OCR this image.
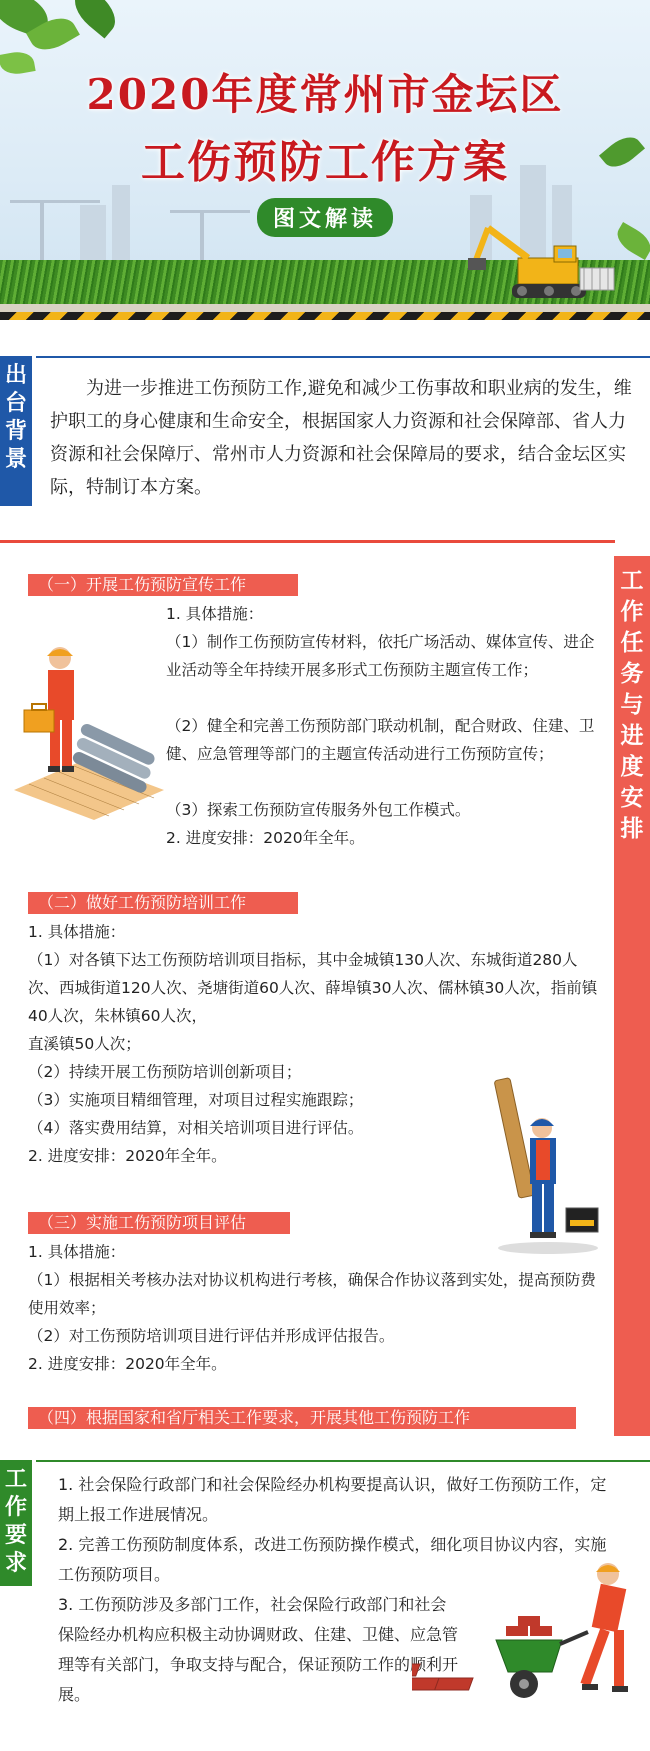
2020年度常州市金坛区
工伤预防工作方案
图文解读
出
台
背
景
为进一步推进工伤预防工作,避免和减少工伤事故和职业病的发生，维护职工的身心健康和生命安全，根据国家人力资源和社会保障部、省人力资源和社会保障厅、常州市人力资源和社会保障局的要求，结合金坛区实际，特制订本方案。
工
作
任
务
与
进
度
安
排
（一）开展工伤预防宣传工作
1. 具体措施：
（1）制作工伤预防宣传材料，依托广场活动、媒体宣传、进企业活动等全年持续开展多形式工伤预防主题宣传工作；
（2）健全和完善工伤预防部门联动机制，配合财政、住建、卫健、应急管理等部门的主题宣传活动进行工伤预防宣传；
（3）探索工伤预防宣传服务外包工作模式。
2. 进度安排：2020年全年。
（二）做好工伤预防培训工作
1. 具体措施：
（1）对各镇下达工伤预防培训项目指标，其中金城镇130人次、东城街道280人次、西城街道120人次、尧塘街道60人次、薛埠镇30人次、儒林镇30人次，指前镇40人次，朱林镇60人次，
直溪镇50人次；
（2）持续开展工伤预防培训创新项目；
（3）实施项目精细管理，对项目过程实施跟踪；
（4）落实费用结算，对相关培训项目进行评估。
2. 进度安排：2020年全年。
（三）实施工伤预防项目评估
1. 具体措施：
（1）根据相关考核办法对协议机构进行考核，确保合作协议落到实处，提高预防费使用效率；
（2）对工伤预防培训项目进行评估并形成评估报告。
2. 进度安排：2020年全年。
（四）根据国家和省厅相关工作要求，开展其他工伤预防工作
工
作
要
求
1. 社会保险行政部门和社会保险经办机构要提高认识，做好工伤预防工作，定期上报工作进展情况。
2. 完善工伤预防制度体系，改进工伤预防操作模式，细化项目协议内容，实施工伤预防项目。
3. 工伤预防涉及多部门工作，社会保险行政部门和社会保险经办机构应积极主动协调财政、住建、卫健、应急管理等有关部门，争取支持与配合，保证预防工作的顺利开展。
